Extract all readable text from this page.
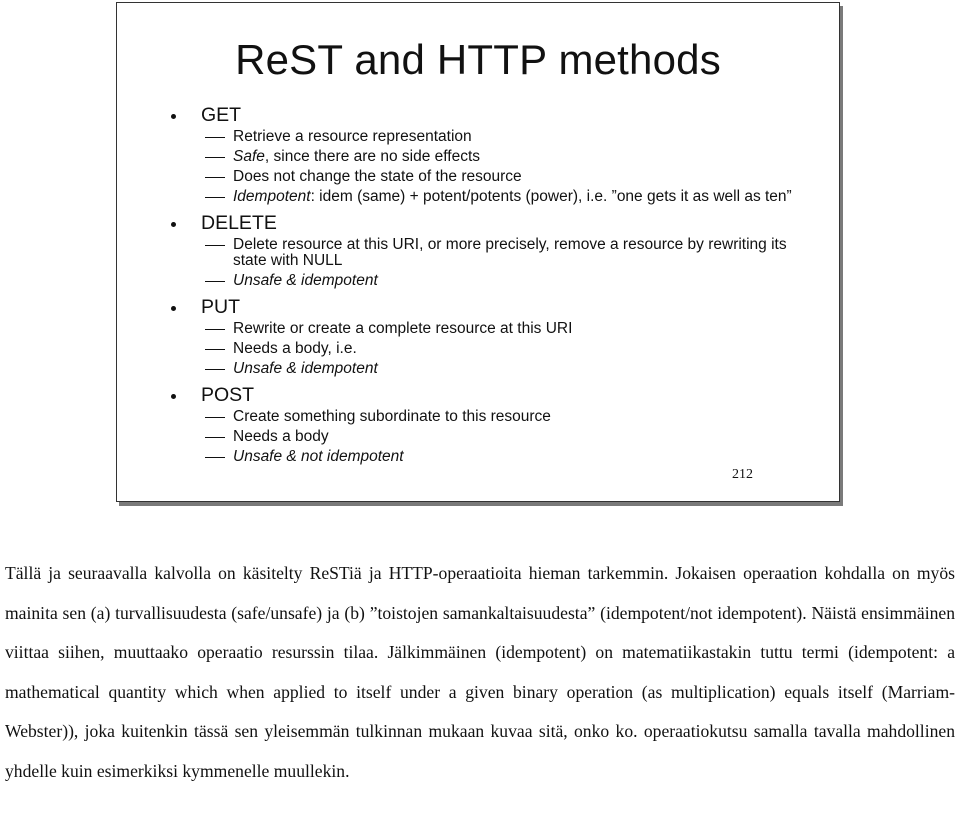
ReST and HTTP methods
GET
Retrieve a resource representation
Safe, since there are no side effects
Does not change the state of the resource
Idempotent: idem (same) + potent/potents (power), i.e. ”one gets it as well as ten”
DELETE
Delete resource at this URI, or more precisely, remove a resource by rewriting its state with NULL
Unsafe & idempotent
PUT
Rewrite or create a complete resource at this URI
Needs a body, i.e.
Unsafe & idempotent
POST
Create something subordinate to this resource
Needs a body
Unsafe & not idempotent
212

Tällä ja seuraavalla kalvolla on käsitelty ReSTiä ja HTTP-operaatioita hieman tarkemmin. Jokaisen operaation kohdalla on myös mainita sen (a) turvallisuudesta (safe/unsafe) ja (b) ”toistojen samankaltaisuudesta” (idempotent/not idempotent). Näistä ensimmäinen viittaa siihen, muuttaako operaatio resurssin tilaa. Jälkimmäinen (idempotent) on matematiikastakin tuttu termi (idempotent: a mathematical quantity which when applied to itself under a given binary operation (as multiplication) equals itself (Marriam-Webster)), joka kuitenkin tässä sen yleisemmän tulkinnan mukaan kuvaa sitä, onko ko. operaatiokutsu samalla tavalla mahdollinen yhdelle kuin esimerkiksi kymmenelle muullekin.
